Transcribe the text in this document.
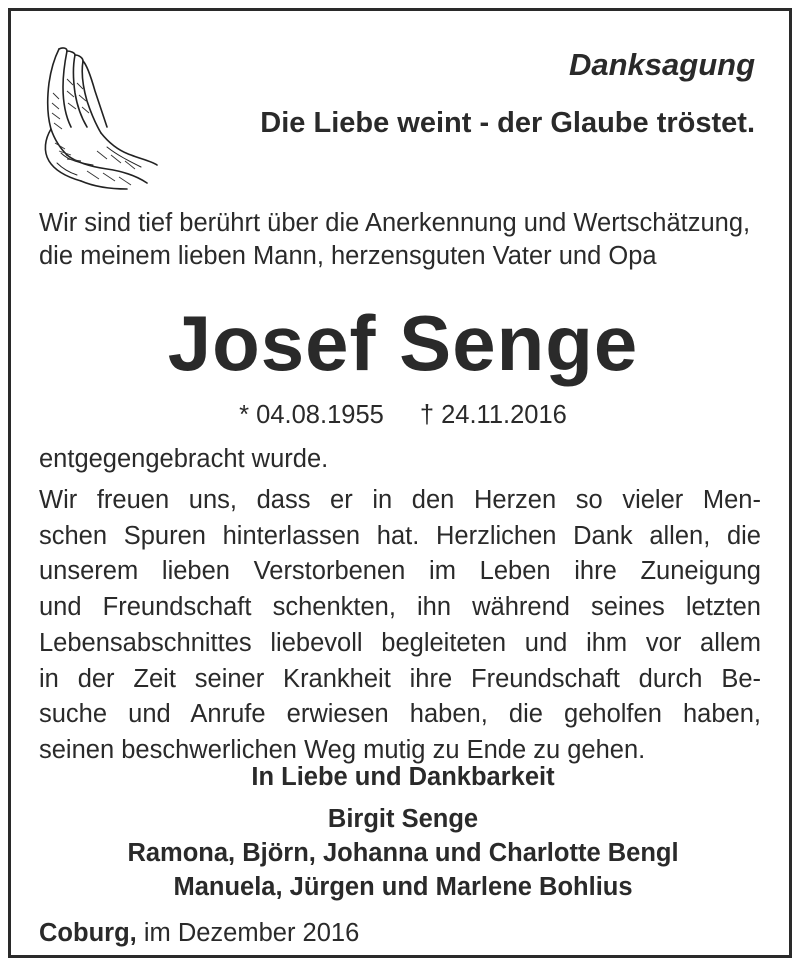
Danksagung

Die Liebe weint - der Glaube tröstet.

Wir sind tief berührt über die Anerkennung und Wertschätzung,
die meinem lieben Mann, herzensguten Vater und Opa

Josef Senge

* 04.08.1955 † 24.11.2016

entgegengebracht wurde.

Wir freuen uns, dass er in den Herzen so vieler Men-
schen Spuren hinterlassen hat. Herzlichen Dank allen, die
unserem lieben Verstorbenen im Leben ihre Zuneigung
und Freundschaft schenkten, ihn während seines letzten
Lebensabschnittes liebevoll begleiteten und ihm vor allem
in der Zeit seiner Krankheit ihre Freundschaft durch Be-
suche und Anrufe erwiesen haben, die geholfen haben,
seinen beschwerlichen Weg mutig zu Ende zu gehen.

In Liebe und Dankbarkeit

Birgit Senge

Ramona, Björn, Johanna und Charlotte Bengl

Manuela, Jürgen und Marlene Bohlius

Coburg, im Dezember 2016
